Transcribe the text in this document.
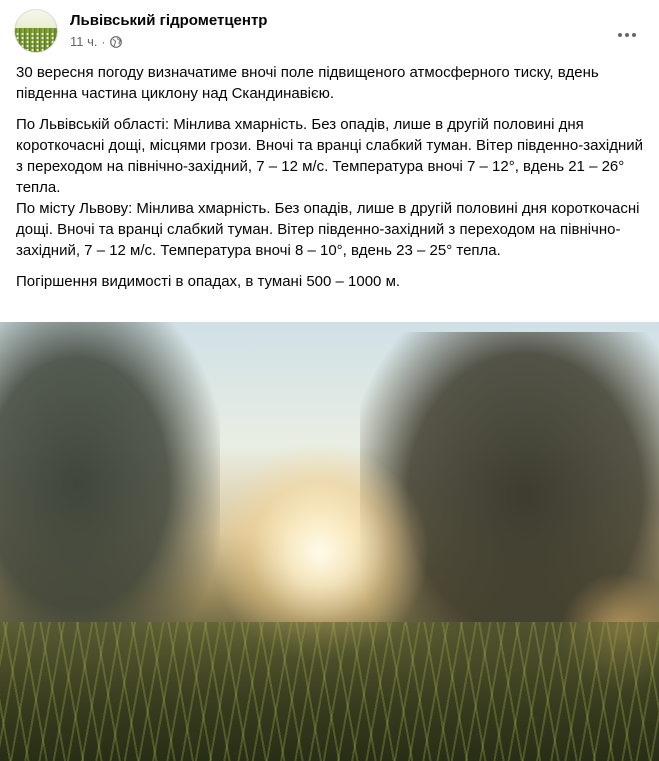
Львівський гідрометцентр
11 ч. ·

30 вересня погоду визначатиме вночі поле підвищеного атмосферного тиску, вдень південна частина циклону над Скандинавією.

По Львівській області: Мінлива хмарність. Без опадів, лише в другій половині дня короткочасні дощі, місцями грози. Вночі та вранці слабкий туман. Вітер південно-західний з переходом на північно-західний, 7 – 12 м/с. Температура вночі 7 – 12°, вдень 21 – 26° тепла.

По місту Львову: Мінлива хмарність. Без опадів, лише в другій половині дня короткочасні дощі. Вночі та вранці слабкий туман. Вітер південно-західний з переходом на північно-західний, 7 – 12 м/с. Температура вночі 8 – 10°, вдень 23 – 25° тепла.

Погіршення видимості в опадах, в тумані 500 – 1000 м.
